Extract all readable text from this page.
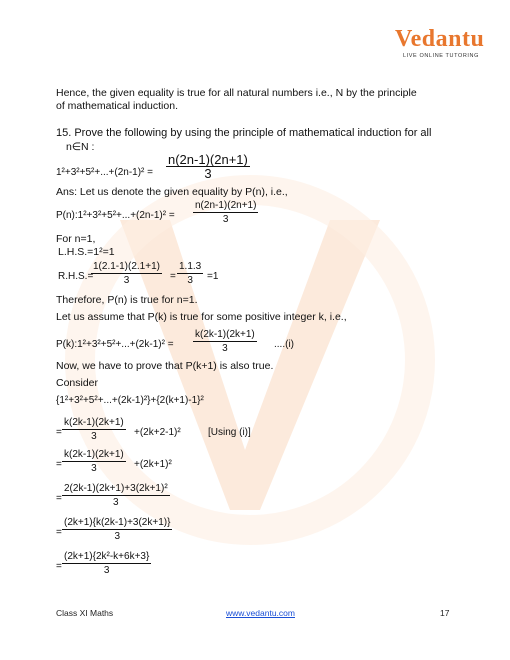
Vedantu
LIVE ONLINE TUTORING
Hence, the given equality is true for all natural numbers i.e., N by the principle
of mathematical induction.
15. Prove the following by using the principle of mathematical induction for all
n∈N :
$1^2+3^2+5^2+...+(2n-1)^2 = \frac{n(2n-1)(2n+1)}{3}$
Ans: Let us denote the given equality by P(n), i.e.,
P(n):1²+3²+5²+...+(2n-1)² = $\frac{n(2n-1)(2n+1)}{3}$
For n=1,
L.H.S.=1²=1
R.H.S.=
$\frac{1(2.1-1)(2.1+1)}{3} = \frac{1.1.3}{3} =1$
Therefore, P(n) is true for n=1.
Let us assume that P(k) is true for some positive integer k, i.e.,
P(k):1²+3²+5²+...+(2k-1)² = $\frac{k(2k-1)(2k+1)}{3} ....(i)$
Now, we have to prove that P(k+1) is also true.
Consider
{1²+3²+5²+...+(2k-1)²}+{2(k+1)-1}²
= $\frac{k(2k-1)(2k+1)}{3} +(2k+2-1)^2$	[Using (i)]
= $\frac{k(2k-1)(2k+1)}{3} +(2k+1)^2$
= $\frac{\text{2(2k-1)(2k+1)+3(2k+1)²}}{3}$
= $\frac{(2k+1)\{k(2k-1)+3(2k+1)\}}{3}$
= $\frac{\text{(2k+1)\{2k²-k+6k+3\}}}{3}$
Class XI Maths	www.vedantu.com	17
